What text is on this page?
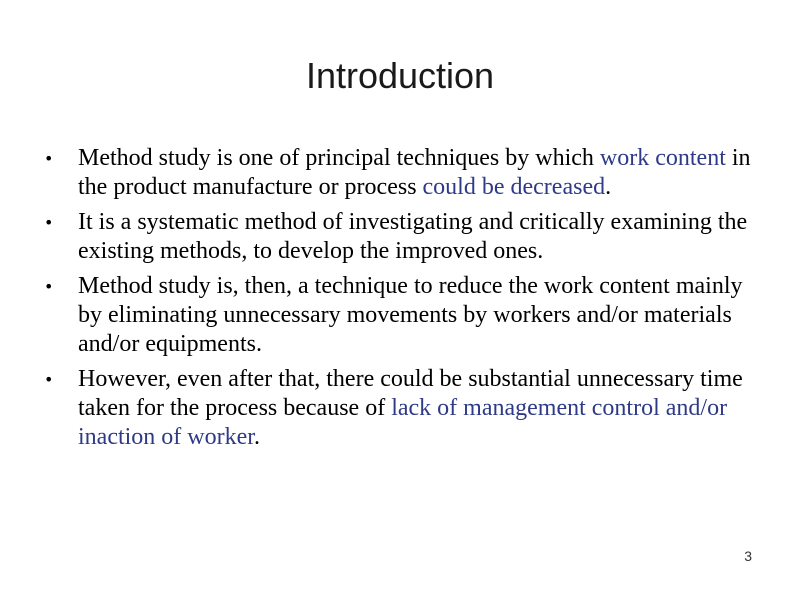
Introduction
• Method study is one of principal techniques by which work content in the product manufacture or process could be decreased.
• It is a systematic method of investigating and critically examining the existing methods, to develop the improved ones.
• Method study is, then, a technique to reduce the work content mainly by eliminating unnecessary movements by workers and/or materials and/or equipments.
• However, even after that, there could be substantial unnecessary time taken for the process because of lack of management control and/or inaction of worker.
3
